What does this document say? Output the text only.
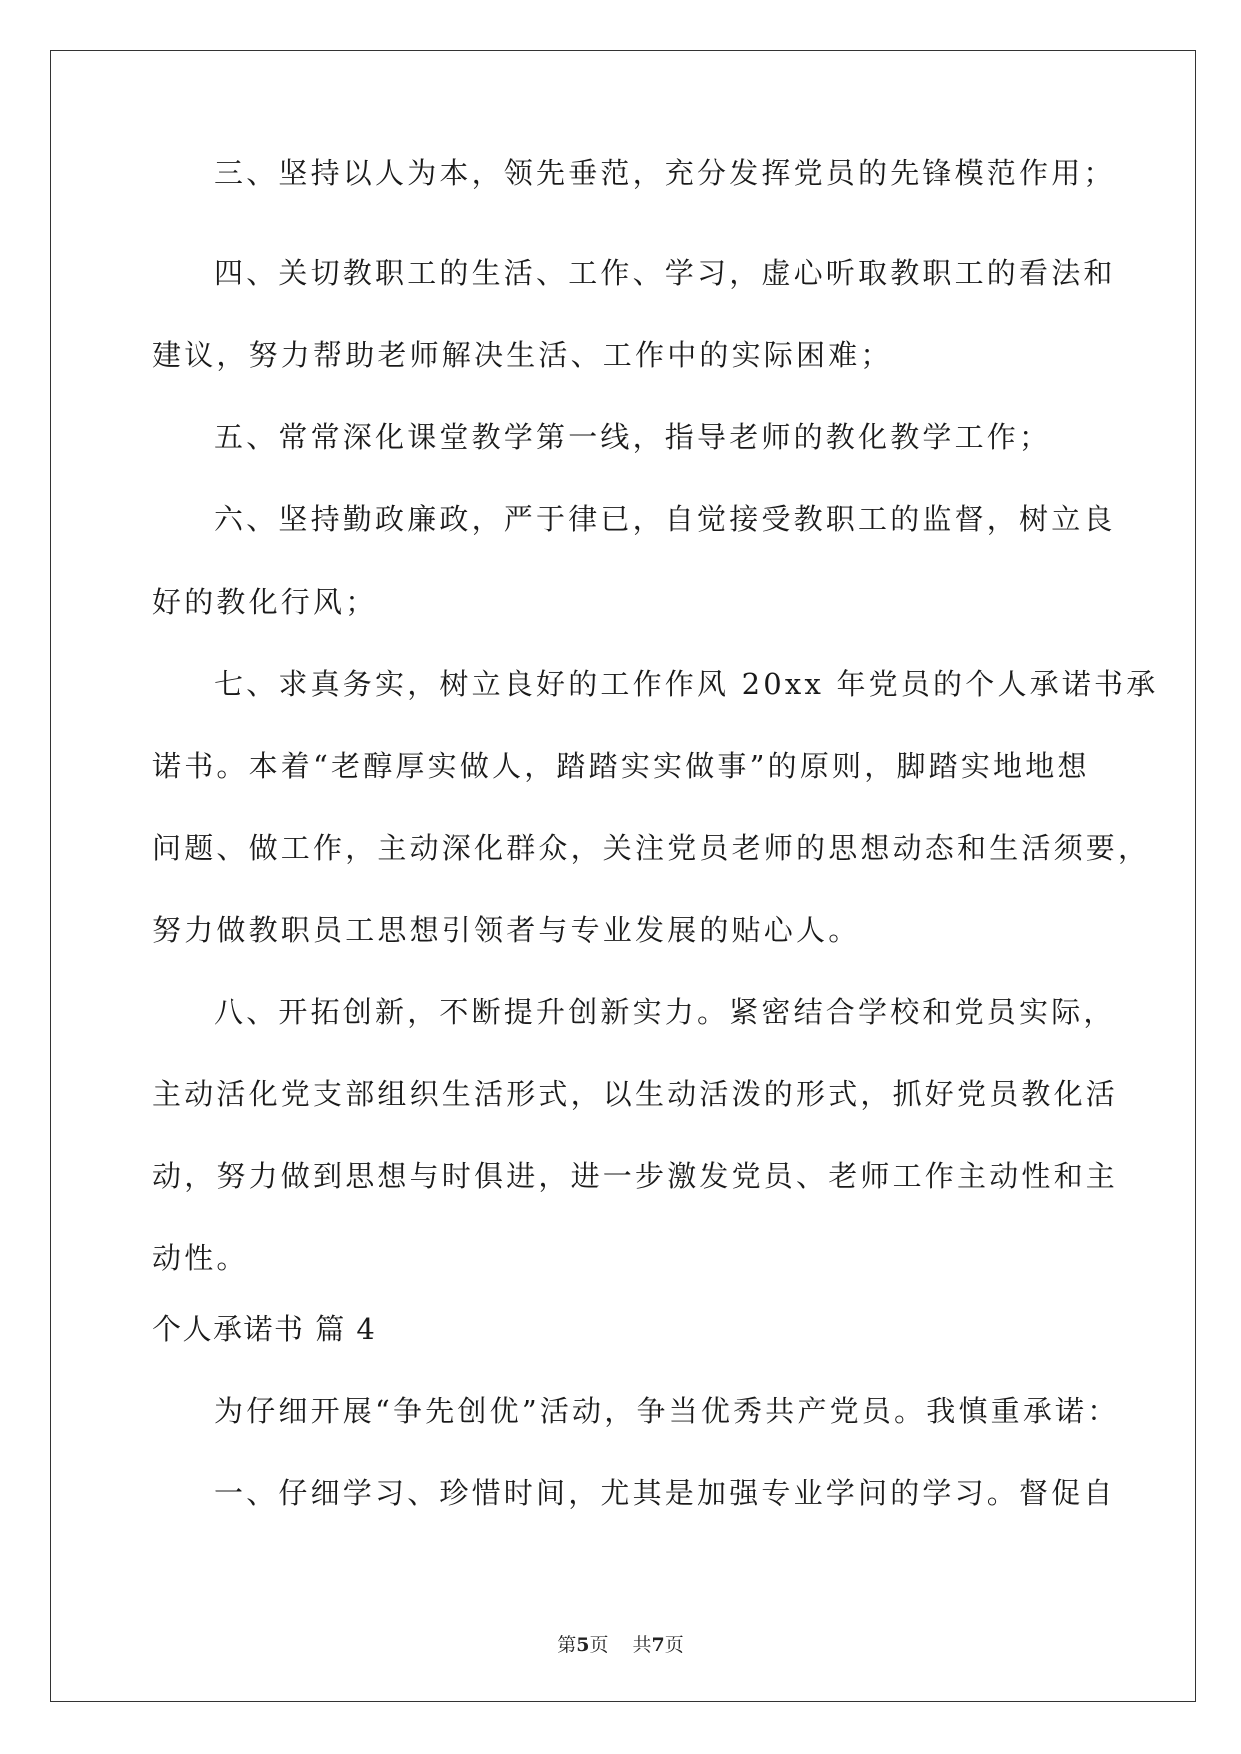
三、坚持以人为本，领先垂范，充分发挥党员的先锋模范作用；
四、关切教职工的生活、工作、学习，虚心听取教职工的看法和
建议，努力帮助老师解决生活、工作中的实际困难；
五、常常深化课堂教学第一线，指导老师的教化教学工作；
六、坚持勤政廉政，严于律已，自觉接受教职工的监督，树立良
好的教化行风；
七、求真务实，树立良好的工作作风 20xx 年党员的个人承诺书承
诺书。本着“老醇厚实做人，踏踏实实做事”的原则，脚踏实地地想
问题、做工作，主动深化群众，关注党员老师的思想动态和生活须要，
努力做教职员工思想引领者与专业发展的贴心人。
八、开拓创新，不断提升创新实力。紧密结合学校和党员实际，
主动活化党支部组织生活形式，以生动活泼的形式，抓好党员教化活
动，努力做到思想与时俱进，进一步激发党员、老师工作主动性和主
动性。
个人承诺书 篇 4
为仔细开展“争先创优”活动，争当优秀共产党员。我慎重承诺：
一、仔细学习、珍惜时间，尤其是加强专业学问的学习。督促自
第5页 共7页
